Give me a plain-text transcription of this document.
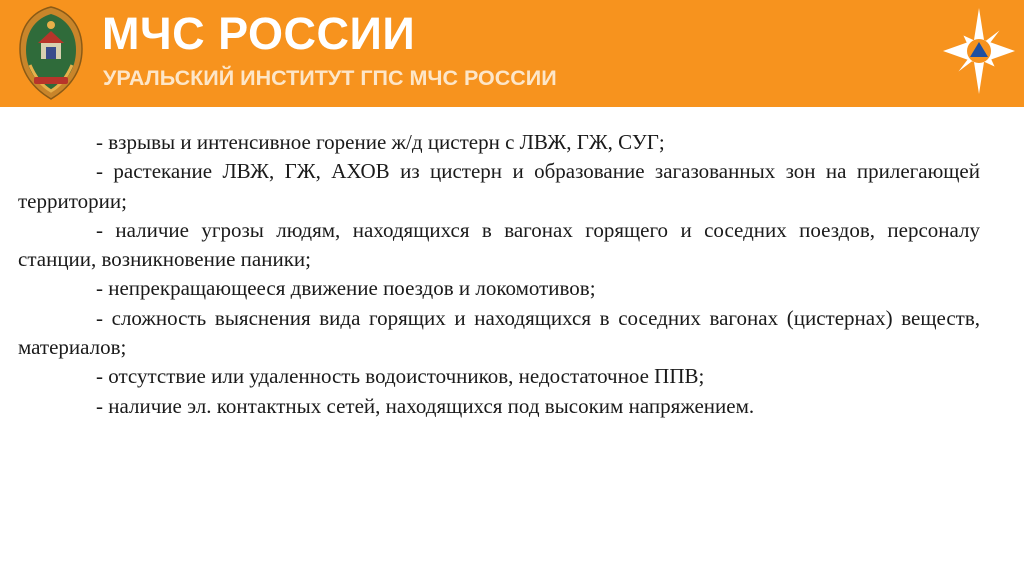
МЧС РОССИИ
УРАЛЬСКИЙ ИНСТИТУТ ГПС МЧС РОССИИ

- взрывы и интенсивное горение ж/д цистерн с ЛВЖ, ГЖ, СУГ;

- растекание ЛВЖ, ГЖ, АХОВ из цистерн и образование загазованных зон на прилегающей территории;

- наличие угрозы людям, находящихся в вагонах горящего и соседних поездов, персоналу станции, возникновение паники;

- непрекращающееся движение поездов и локомотивов;

- сложность выяснения вида горящих и находящихся в соседних вагонах (цистернах) веществ, материалов;

- отсутствие или удаленность водоисточников, недостаточное ППВ;

- наличие эл. контактных сетей, находящихся под высоким напряжением.
